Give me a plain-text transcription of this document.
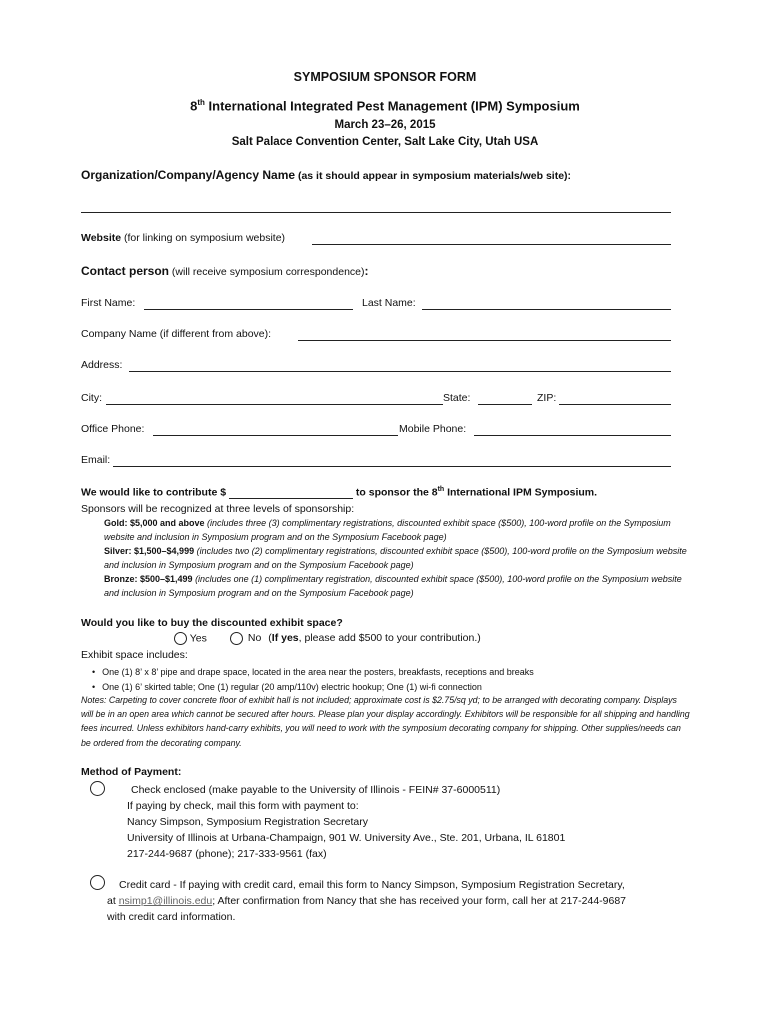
SYMPOSIUM SPONSOR FORM
8th International Integrated Pest Management (IPM) Symposium
March 23–26, 2015
Salt Palace Convention Center, Salt Lake City, Utah USA
Organization/Company/Agency Name (as it should appear in symposium materials/web site):
Website (for linking on symposium website)
Contact person (will receive symposium correspondence):
First Name:	Last Name:
Company Name (if different from above):
Address:
City:	State:	ZIP:
Office Phone:	Mobile Phone:
Email:
We would like to contribute $	to sponsor the 8th International IPM Symposium.
Sponsors will be recognized at three levels of sponsorship:
Gold: $5,000 and above (includes three (3) complimentary registrations, discounted exhibit space ($500), 100-word profile on the Symposium website and inclusion in Symposium program and on the Symposium Facebook page)
Silver: $1,500–$4,999 (includes two (2) complimentary registrations, discounted exhibit space ($500), 100-word profile on the Symposium website and inclusion in Symposium program and on the Symposium Facebook page)
Bronze: $500–$1,499 (includes one (1) complimentary registration, discounted exhibit space ($500), 100-word profile on the Symposium website and inclusion in Symposium program and on the Symposium Facebook page)
Would you like to buy the discounted exhibit space?
Yes	No (If yes, please add $500 to your contribution.)
Exhibit space includes:
• One (1) 8’ x 8’ pipe and drape space, located in the area near the posters, breakfasts, receptions and breaks
• One (1) 6’ skirted table; One (1) regular (20 amp/110v) electric hookup; One (1) wi-fi connection
Notes: Carpeting to cover concrete floor of exhibit hall is not included; approximate cost is $2.75/sq yd; to be arranged with decorating company. Displays will be in an open area which cannot be secured after hours. Please plan your display accordingly. Exhibitors will be responsible for all shipping and handling fees incurred. Unless exhibitors hand-carry exhibits, you will need to work with the symposium decorating company for shipping. Other supplies/needs can be ordered from the decorating company.
Method of Payment:
Check enclosed (make payable to the University of Illinois - FEIN# 37-6000511)
If paying by check, mail this form with payment to:
Nancy Simpson, Symposium Registration Secretary
University of Illinois at Urbana-Champaign, 901 W. University Ave., Ste. 201, Urbana, IL 61801
217-244-9687 (phone); 217-333-9561 (fax)
Credit card - If paying with credit card, email this form to Nancy Simpson, Symposium Registration Secretary,
at nsimp1@illinois.edu; After confirmation from Nancy that she has received your form, call her at 217-244-9687
with credit card information.
